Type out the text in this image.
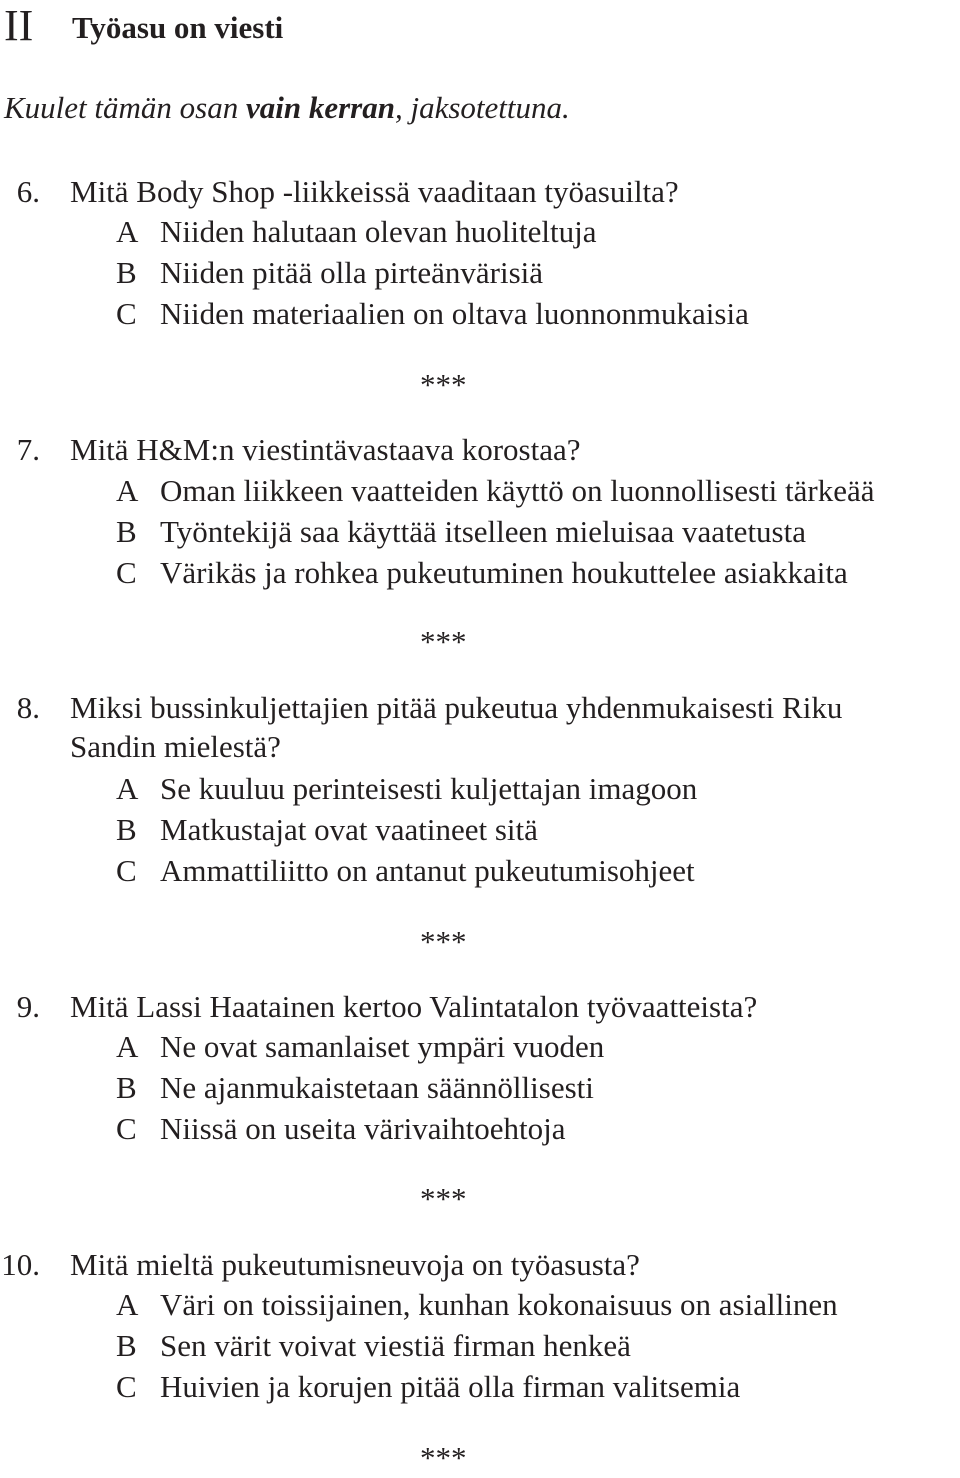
II Työasu on viesti
Kuulet tämän osan vain kerran, jaksotettuna.
6. Mitä Body Shop -liikkeissä vaaditaan työasuilta?
A Niiden halutaan olevan huoliteltuja
B Niiden pitää olla pirteänvärisiä
C Niiden materiaalien on oltava luonnonmukaisia
***
7. Mitä H&M:n viestintävastaava korostaa?
A Oman liikkeen vaatteiden käyttö on luonnollisesti tärkeää
B Työntekijä saa käyttää itselleen mieluisaa vaatetusta
C Värikäs ja rohkea pukeutuminen houkuttelee asiakkaita
***
8. Miksi bussinkuljettajien pitää pukeutua yhdenmukaisesti Riku
Sandin mielestä?
A Se kuuluu perinteisesti kuljettajan imagoon
B Matkustajat ovat vaatineet sitä
C Ammattiliitto on antanut pukeutumisohjeet
***
9. Mitä Lassi Haatainen kertoo Valintatalon työvaatteista?
A Ne ovat samanlaiset ympäri vuoden
B Ne ajanmukaistetaan säännöllisesti
C Niissä on useita värivaihtoehtoja
***
10. Mitä mieltä pukeutumisneuvoja on työasusta?
A Väri on toissijainen, kunhan kokonaisuus on asiallinen
B Sen värit voivat viestiä firman henkeä
C Huivien ja korujen pitää olla firman valitsemia
***
